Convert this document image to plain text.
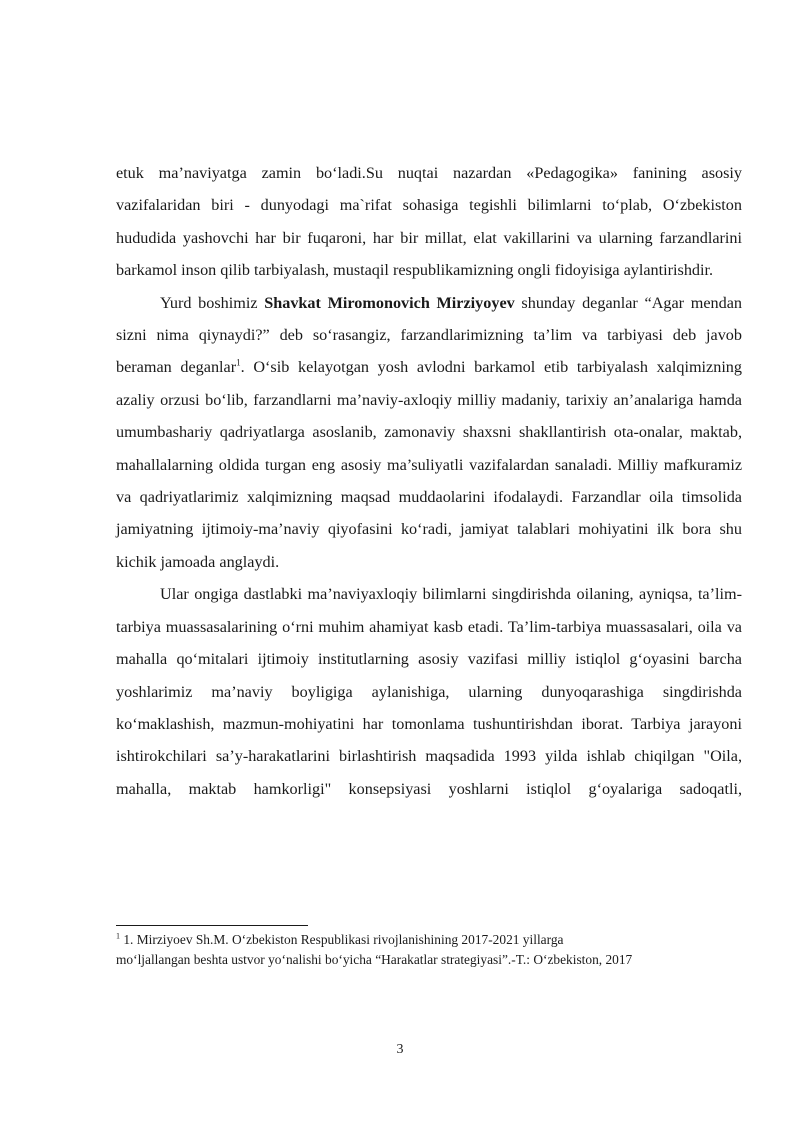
etuk ma’naviyatga zamin bo‘ladi.Su nuqtai nazardan «Pedagogika» fanining asosiy vazifalaridan biri - dunyodagi ma`rifat sohasiga tegishli bilimlarni to‘plab, O‘zbekiston hududida yashovchi har bir fuqaroni, har bir millat, elat vakillarini va ularning farzandlarini barkamol inson qilib tarbiyalash, mustaqil respublikamizning ongli fidoyisiga aylantirishdir.

Yurd boshimiz Shavkat Miromonovich Mirziyoyev shunday deganlar “Agar mendan sizni nima qiynaydi?” deb so‘rasangiz, farzandlarimizning ta’lim va tarbiyasi deb javob beraman deganlar$^1$. O‘sib kelayotgan yosh avlodni barkamol etib tarbiyalash xalqimizning azaliy orzusi bo‘lib, farzandlarni ma’naviy-axloqiy milliy madaniy, tarixiy an’analariga hamda umumbashariy qadriyatlarga asoslanib, zamonaviy shaxsni shakllantirish ota-onalar, maktab, mahallalarning oldida turgan eng asosiy ma’suliyatli vazifalardan sanaladi. Milliy mafkuramiz va qadriyatlarimiz xalqimizning maqsad muddaolarini ifodalaydi. Farzandlar oila timsolida jamiyatning ijtimoiy-ma’naviy qiyofasini ko‘radi, jamiyat talablari mohiyatini ilk bora shu kichik jamoada anglaydi.

Ular ongiga dastlabki ma’naviyaxloqiy bilimlarni singdirishda oilaning, ayniqsa, ta’lim-tarbiya muassasalarining o‘rni muhim ahamiyat kasb etadi. Ta’lim-tarbiya muassasalari, oila va mahalla qo‘mitalari ijtimoiy institutlarning asosiy vazifasi milliy istiqlol g‘oyasini barcha yoshlarimiz ma’naviy boyligiga aylanishiga, ularning dunyoqarashiga singdirishda ko‘maklashish, mazmun-mohiyatini har tomonlama tushuntirishdan iborat. Tarbiya jarayoni ishtirokchilari sa’y-harakatlarini birlashtirish maqsadida 1993 yilda ishlab chiqilgan "Oila, mahalla, maktab hamkorligi" konsepsiyasi yoshlarni istiqlol g‘oyalariga sadoqatli,

$^1$ 1. Mirziyoev Sh.M. O‘zbekiston Respublikasi rivojlanishining 2017-2021 yillarga
mo‘ljallangan beshta ustvor yo‘nalishi bo‘yicha “Harakatlar strategiyasi”.-T.: O‘zbekiston, 2017
3
